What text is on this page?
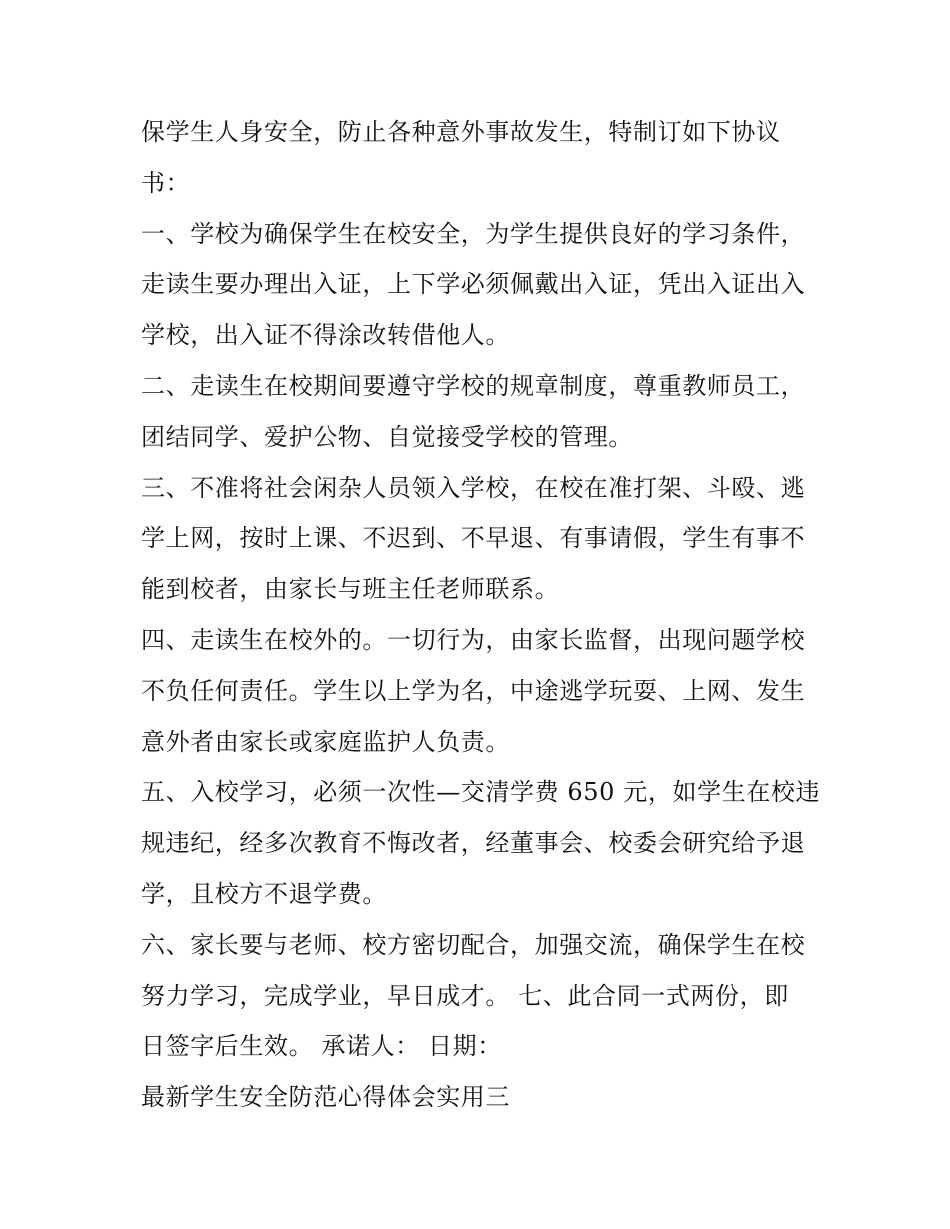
保学生人身安全，防止各种意外事故发生，特制订如下协议
书：
一、学校为确保学生在校安全，为学生提供良好的学习条件，
走读生要办理出入证，上下学必须佩戴出入证，凭出入证出入
学校，出入证不得涂改转借他人。
二、走读生在校期间要遵守学校的规章制度，尊重教师员工，
团结同学、爱护公物、自觉接受学校的管理。
三、不准将社会闲杂人员领入学校，在校在准打架、斗殴、逃
学上网，按时上课、不迟到、不早退、有事请假，学生有事不
能到校者，由家长与班主任老师联系。
四、走读生在校外的。一切行为，由家长监督，出现问题学校
不负任何责任。学生以上学为名，中途逃学玩耍、上网、发生
意外者由家长或家庭监护人负责。
五、入校学习，必须一次性—交清学费 650 元，如学生在校违
规违纪，经多次教育不悔改者，经董事会、校委会研究给予退
学，且校方不退学费。
六、家长要与老师、校方密切配合，加强交流，确保学生在校
努力学习，完成学业，早日成才。 七、此合同一式两份，即
日签字后生效。 承诺人： 日期：
最新学生安全防范心得体会实用三
